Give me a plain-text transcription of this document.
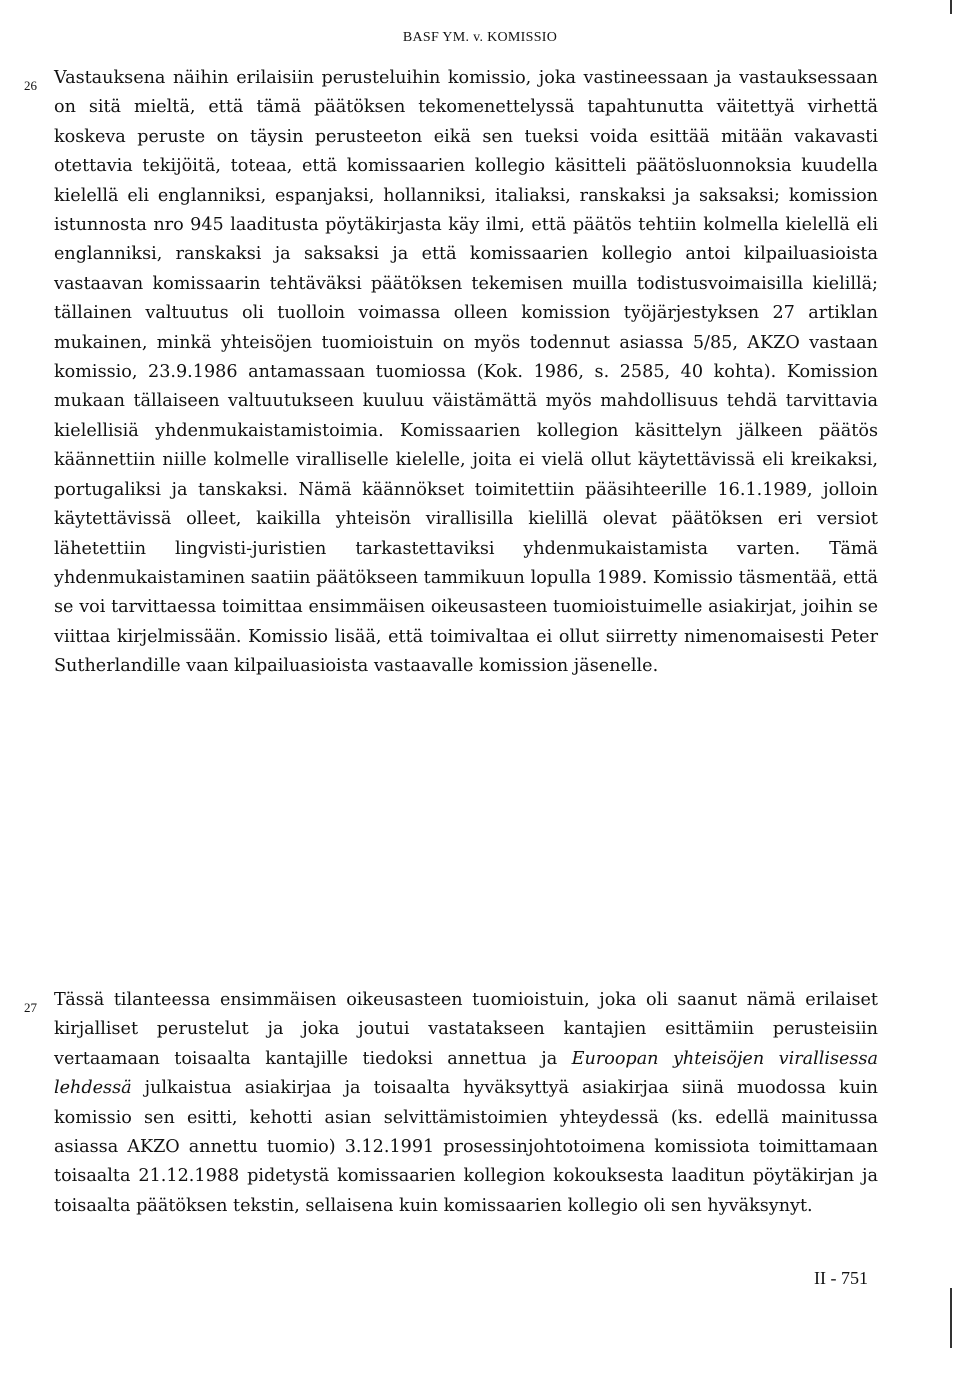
BASF YM. v. KOMISSIO
26 Vastauksena näihin erilaisiin perusteluihin komissio, joka vastineessaan ja vastauksessaan on sitä mieltä, että tämä päätöksen tekomenettelyssä tapahtunutta väitettyä virhettä koskeva peruste on täysin perusteeton eikä sen tueksi voida esittää mitään vakavasti otettavia tekijöitä, toteaa, että komissaarien kollegio käsitteli päätösluonnoksia kuudella kielellä eli englanniksi, espanjaksi, hollanniksi, italiaksi, ranskaksi ja saksaksi; komission istunnosta nro 945 laaditusta pöytäkirjasta käy ilmi, että päätös tehtiin kolmella kielellä eli englanniksi, ranskaksi ja saksaksi ja että komissaarien kollegio antoi kilpailuasioista vastaavan komissaarin tehtäväksi päätöksen tekemisen muilla todistusvoimaisilla kielillä; tällainen valtuutus oli tuolloin voimassa olleen komission työjärjestyksen 27 artiklan mukainen, minkä yhteisöjen tuomioistuin on myös todennut asiassa 5/85, AKZO vastaan komissio, 23.9.1986 antamassaan tuomiossa (Kok. 1986, s. 2585, 40 kohta). Komission mukaan tällaiseen valtuutukseen kuuluu väistämättä myös mahdollisuus tehdä tarvittavia kielellisiä yhdenmukaistamistoimia. Komissaarien kollegion käsittelyn jälkeen päätös käännettiin niille kolmelle viralliselle kielelle, joita ei vielä ollut käytettävissä eli kreikaksi, portugaliksi ja tanskaksi. Nämä käännökset toimitettiin pääsihteerille 16.1.1989, jolloin käytettävissä olleet, kaikilla yhteisön virallisilla kielillä olevat päätöksen eri versiot lähetettiin lingvisti-juristien tarkastettaviksi yhdenmukaistamista varten. Tämä yhdenmukaistaminen saatiin päätökseen tammikuun lopulla 1989. Komissio täsmentää, että se voi tarvittaessa toimittaa ensimmäisen oikeusasteen tuomioistuimelle asiakirjat, joihin se viittaa kirjelmissään. Komissio lisää, että toimivaltaa ei ollut siirretty nimenomaisesti Peter Sutherlandille vaan kilpailuasioista vastaavalle komission jäsenelle.

27 Tässä tilanteessa ensimmäisen oikeusasteen tuomioistuin, joka oli saanut nämä erilaiset kirjalliset perustelut ja joka joutui vastatakseen kantajien esittämiin perusteisiin vertaamaan toisaalta kantajille tiedoksi annettua ja Euroopan yhteisöjen virallisessa lehdessä julkaistua asiakirjaa ja toisaalta hyväksyttyä asiakirjaa siinä muodossa kuin komissio sen esitti, kehotti asian selvittämistoimien yhteydessä (ks. edellä mainitussa asiassa AKZO annettu tuomio) 3.12.1991 prosessinjohtotoimena komissiota toimittamaan toisaalta 21.12.1988 pidetystä komissaarien kollegion kokouksesta laaditun pöytäkirjan ja toisaalta päätöksen tekstin, sellaisena kuin komissaarien kollegio oli sen hyväksynyt.

II - 751
